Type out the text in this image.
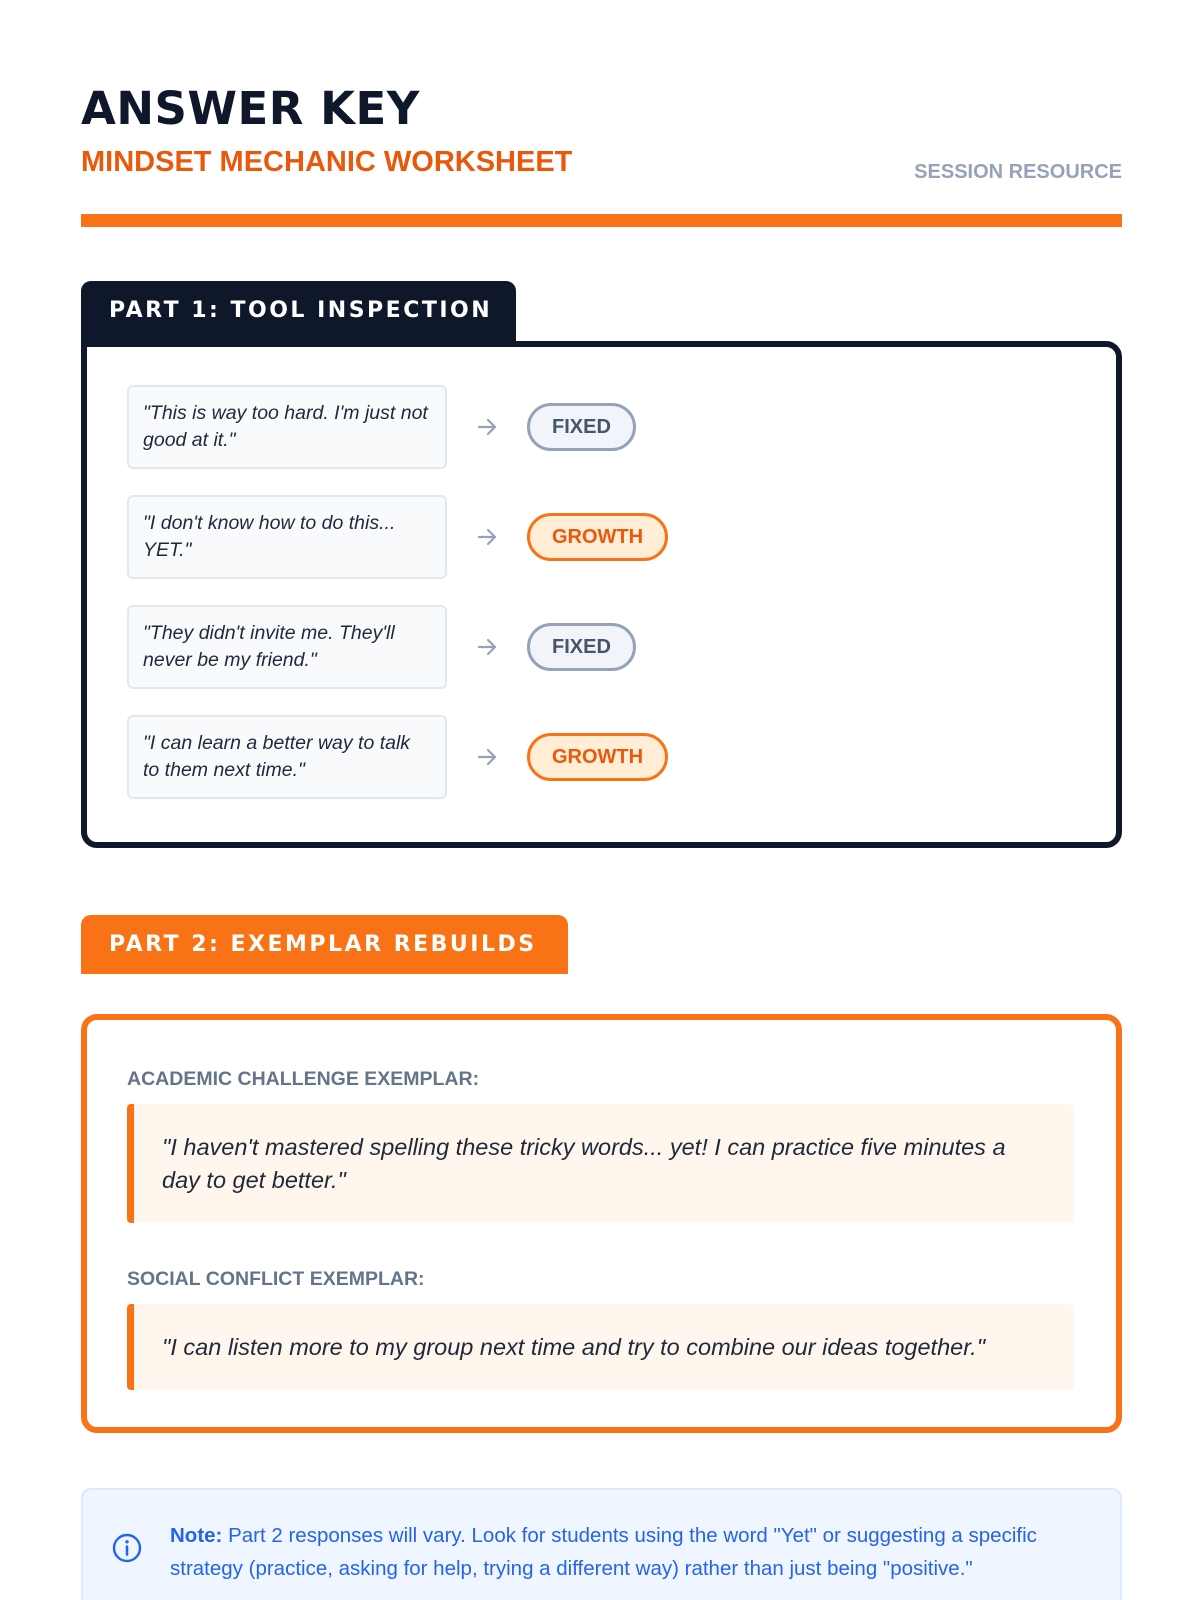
ANSWER KEY
MINDSET MECHANIC WORKSHEET	SESSION RESOURCE
PART 1: TOOL INSPECTION
"This is way too hard. I'm just not good at it."
FIXED
"I don't know how to do this... YET."
GROWTH
"They didn't invite me. They'll never be my friend."
FIXED
"I can learn a better way to talk to them next time."
GROWTH
PART 2: EXEMPLAR REBUILDS
ACADEMIC CHALLENGE EXEMPLAR:
"I haven't mastered spelling these tricky words... yet! I can practice five minutes a day to get better."
SOCIAL CONFLICT EXEMPLAR:
"I can listen more to my group next time and try to combine our ideas together."
Note: Part 2 responses will vary. Look for students using the word "Yet" or suggesting a specific strategy (practice, asking for help, trying a different way) rather than just being "positive."
